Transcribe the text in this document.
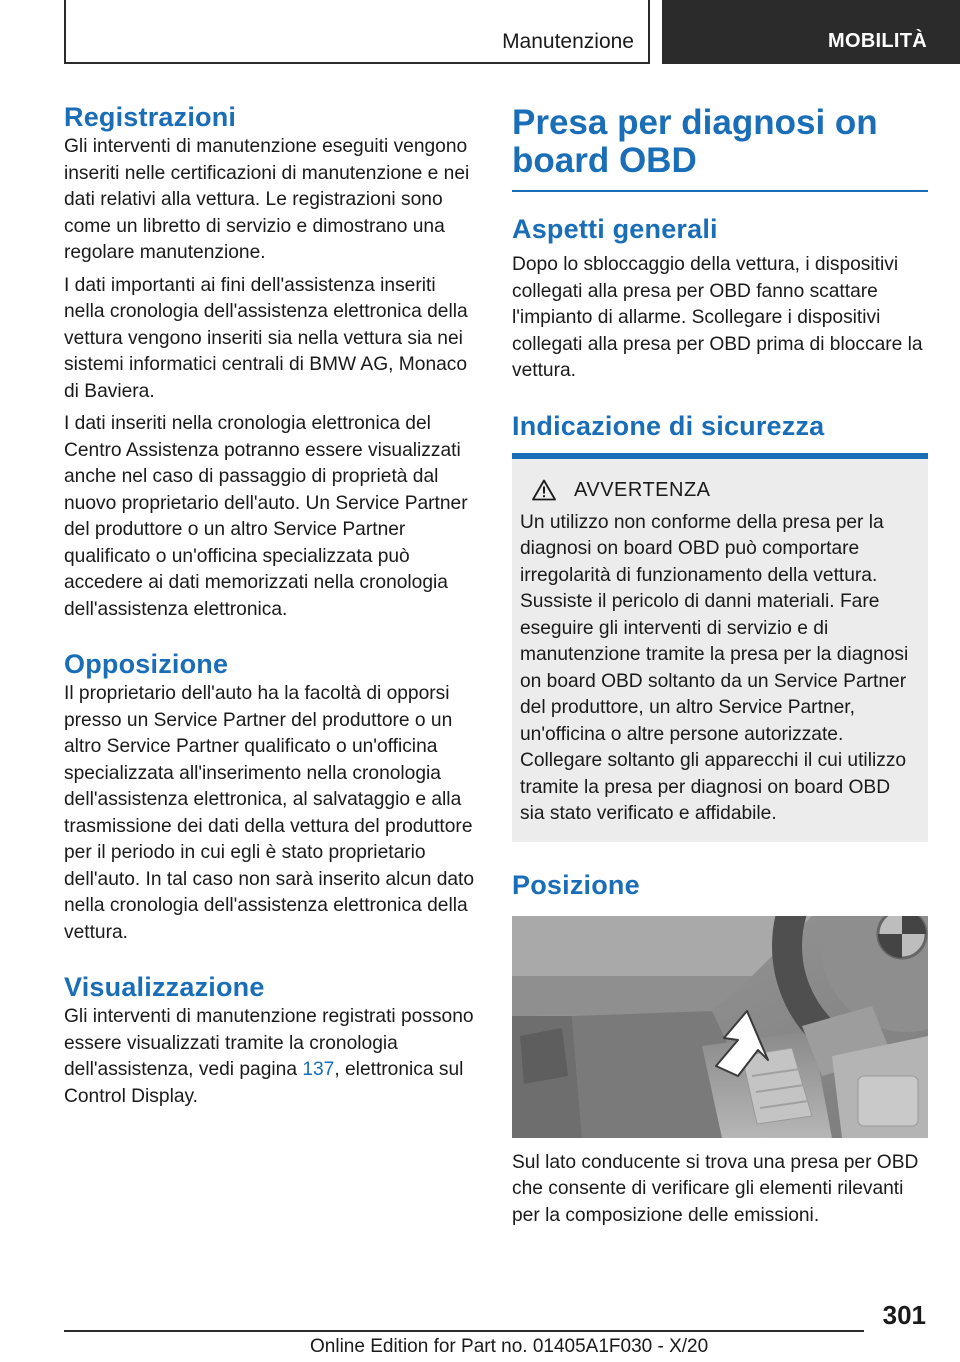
Manutenzione	MOBILITÀ
Registrazioni

Gli interventi di manutenzione eseguiti vengono inseriti nelle certificazioni di manutenzione e nei dati relativi alla vettura. Le registrazioni sono come un libretto di servizio e dimostrano una regolare manutenzione.

I dati importanti ai fini dell'assistenza inseriti nella cronologia dell'assistenza elettronica della vettura vengono inseriti sia nella vettura sia nei sistemi informatici centrali di BMW AG, Monaco di Baviera.

I dati inseriti nella cronologia elettronica del Centro Assistenza potranno essere visualizzati anche nel caso di passaggio di proprietà dal nuovo proprietario dell'auto. Un Service Partner del produttore o un altro Service Partner qualificato o un'officina specializzata può accedere ai dati memorizzati nella cronologia dell'assistenza elettronica.

Opposizione

Il proprietario dell'auto ha la facoltà di opporsi presso un Service Partner del produttore o un altro Service Partner qualificato o un'officina specializzata all'inserimento nella cronologia dell'assistenza elettronica, al salvataggio e alla trasmissione dei dati della vettura del produttore per il periodo in cui egli è stato proprietario dell'auto. In tal caso non sarà inserito alcun dato nella cronologia dell'assistenza elettronica della vettura.

Visualizzazione

Gli interventi di manutenzione registrati possono essere visualizzati tramite la cronologia dell'assistenza, vedi pagina 137, elettronica sul Control Display.

Presa per diagnosi on board OBD
Aspetti generali

Dopo lo sbloccaggio della vettura, i dispositivi collegati alla presa per OBD fanno scattare l'impianto di allarme. Scollegare i dispositivi collegati alla presa per OBD prima di bloccare la vettura.

Indicazione di sicurezza
AVVERTENZA

Un utilizzo non conforme della presa per la diagnosi on board OBD può comportare irregolarità di funzionamento della vettura. Sussiste il pericolo di danni materiali. Fare eseguire gli interventi di servizio e di manutenzione tramite la presa per la diagnosi on board OBD soltanto da un Service Partner del produttore, un altro Service Partner, un'officina o altre persone autorizzate. Collegare soltanto gli apparecchi il cui utilizzo tramite la presa per diagnosi on board OBD sia stato verificato e affidabile.

Posizione

Sul lato conducente si trova una presa per OBD che consente di verificare gli elementi rilevanti per la composizione delle emissioni.

301
Online Edition for Part no. 01405A1F030 - X/20
